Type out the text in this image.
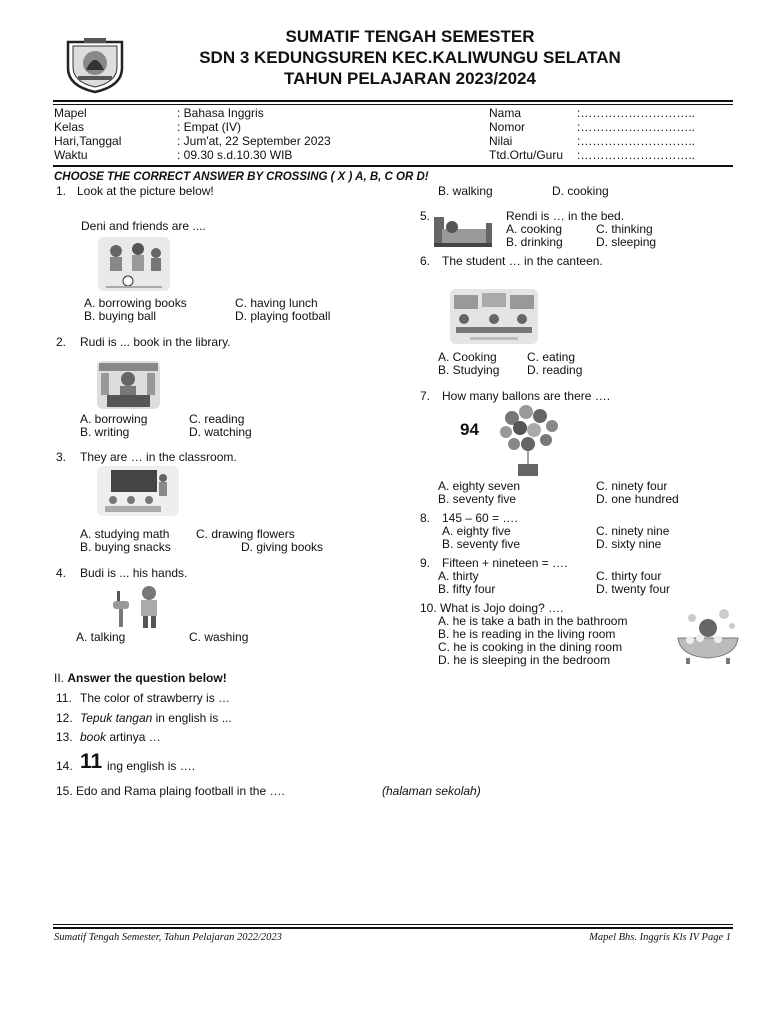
SUMATIF TENGAH SEMESTER
SDN 3 KEDUNGSUREN KEC.KALIWUNGU SELATAN
TAHUN PELAJARAN 2023/2024
Mapel	: Bahasa Inggris
Kelas	: Empat (IV)
Hari,Tanggal	: Jum'at, 22 September 2023
Waktu	: 09.30 s.d.10.30 WIB
Nama	:………………………..
Nomor	:………………………..
Nilai	:………………………..
Ttd.Ortu/Guru :………………………..
CHOOSE THE CORRECT ANSWER BY CROSSING ( X ) A, B, C OR D!
1. Look at the picture below!
Deni and friends are ....
A. borrowing books	C. having lunch
B. buying ball	D. playing football
2. Rudi is ... book in the library.
A. borrowing	C. reading
B. writing	D. watching
3. They are … in the classroom.
A. studying math C. drawing flowers
B. buying snacks	D. giving books
4. Budi is ... his hands.
A. talking	C. washing
B. walking	D. cooking
5.	Rendi is … in the bed.
A. cooking	C. thinking
B. drinking	D. sleeping
6. The student … in the canteen.
A. Cooking	C. eating
B. Studying D. reading
7. How many ballons are there ….
94
A. eighty seven	C. ninety four
B. seventy five	D. one hundred
8. 145 – 60 = ….
A. eighty five	C. ninety nine
B. seventy five	D. sixty nine
9. Fifteen + nineteen = ….
A. thirty	C. thirty four
B. fifty four	D. twenty four
10. What is Jojo doing? ….
A. he is take a bath in the bathroom
B. he is reading in the living room
C. he is cooking in the dining room
D. he is sleeping in the bedroom
II. Answer the question below!
11. The color of strawberry is …
12. Tepuk tangan in english is ...
13. book artinya …
14. 11 ing english is ….
15. Edo and Rama plaing football in the ….	(halaman sekolah)
Sumatif Tengah Semester, Tahun Pelajaran 2022/2023	Mapel Bhs. Inggris Kls IV Page 1
